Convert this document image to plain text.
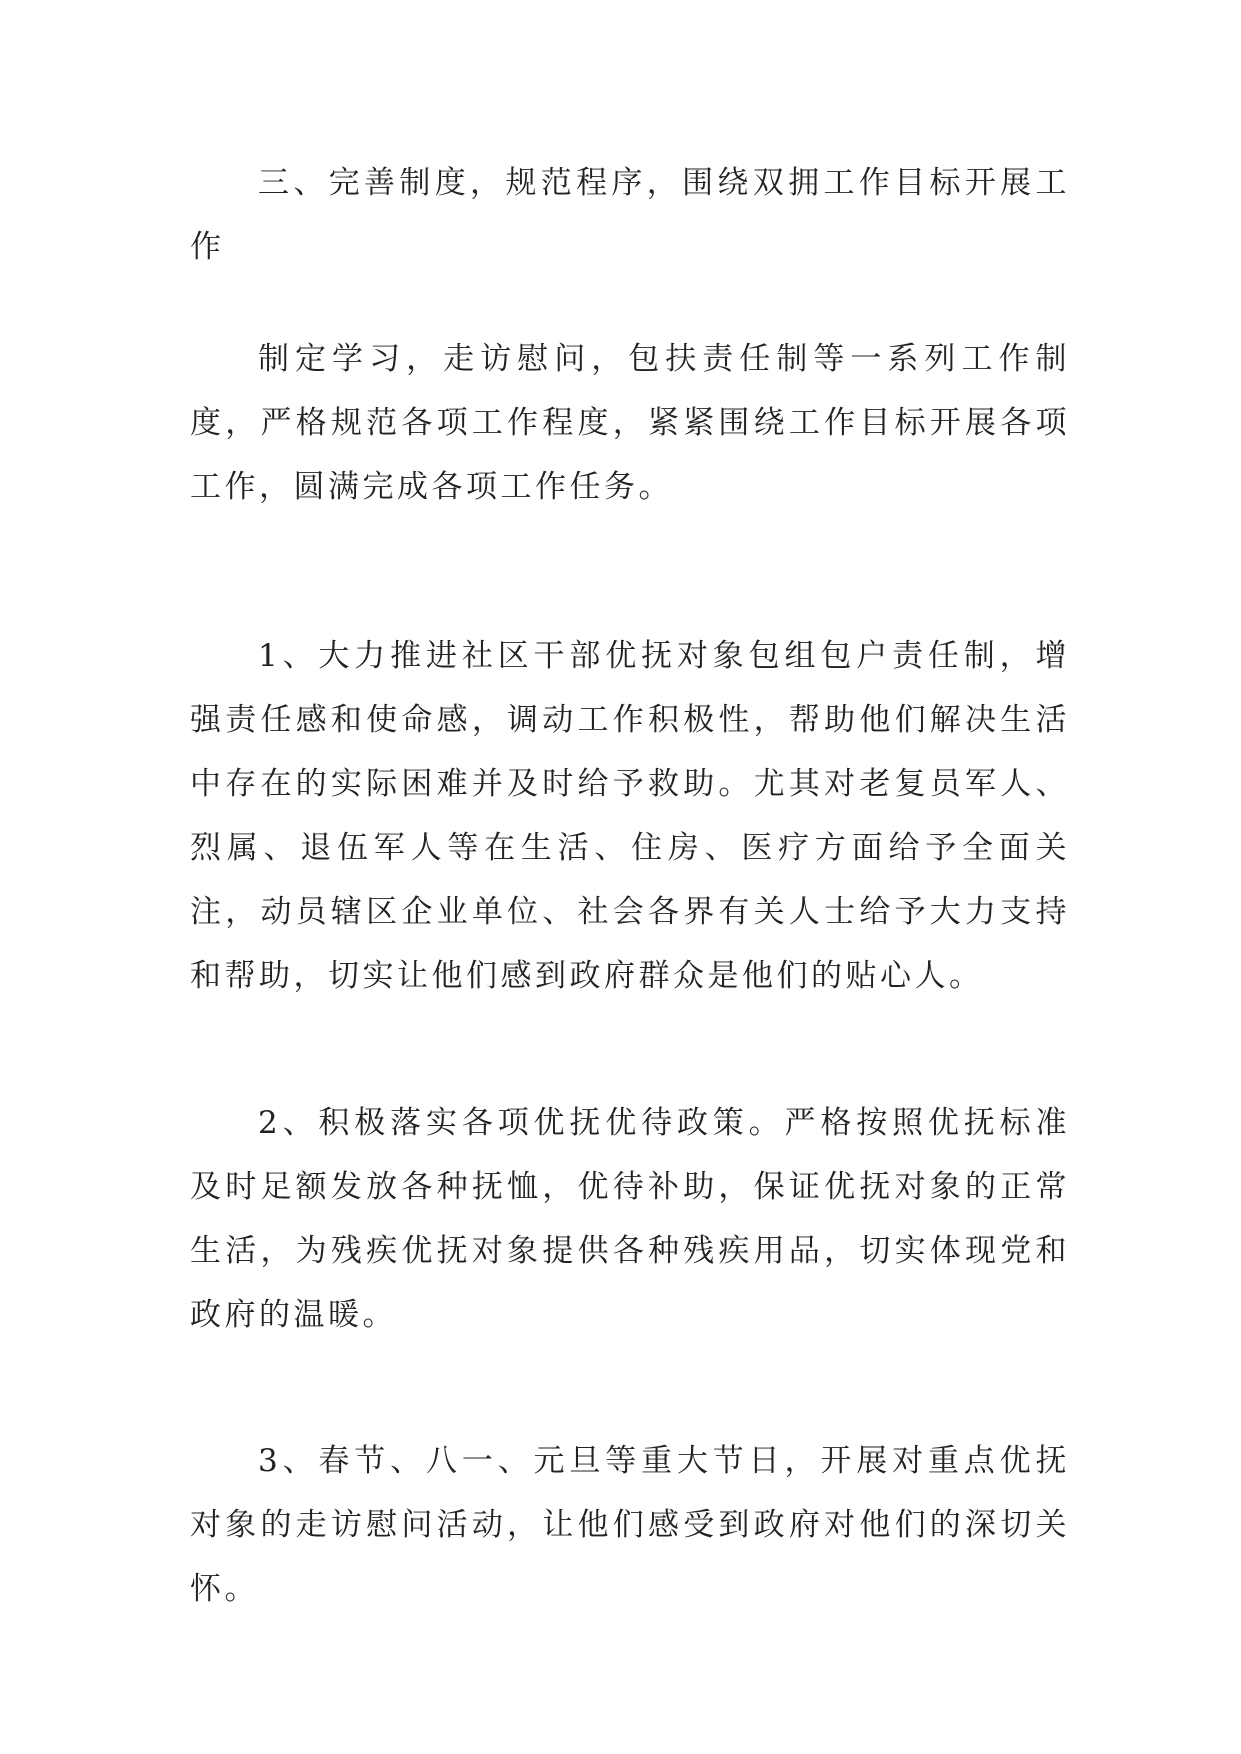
三、完善制度，规范程序，围绕双拥工作目标开展工作

制定学习，走访慰问，包扶责任制等一系列工作制度，严格规范各项工作程度，紧紧围绕工作目标开展各项工作，圆满完成各项工作任务。

1、大力推进社区干部优抚对象包组包户责任制，增强责任感和使命感，调动工作积极性，帮助他们解决生活中存在的实际困难并及时给予救助。尤其对老复员军人、烈属、退伍军人等在生活、住房、医疗方面给予全面关注，动员辖区企业单位、社会各界有关人士给予大力支持和帮助，切实让他们感到政府群众是他们的贴心人。

2、积极落实各项优抚优待政策。严格按照优抚标准及时足额发放各种抚恤，优待补助，保证优抚对象的正常生活，为残疾优抚对象提供各种残疾用品，切实体现党和政府的温暖。

3、春节、八一、元旦等重大节日，开展对重点优抚对象的走访慰问活动，让他们感受到政府对他们的深切关怀。
